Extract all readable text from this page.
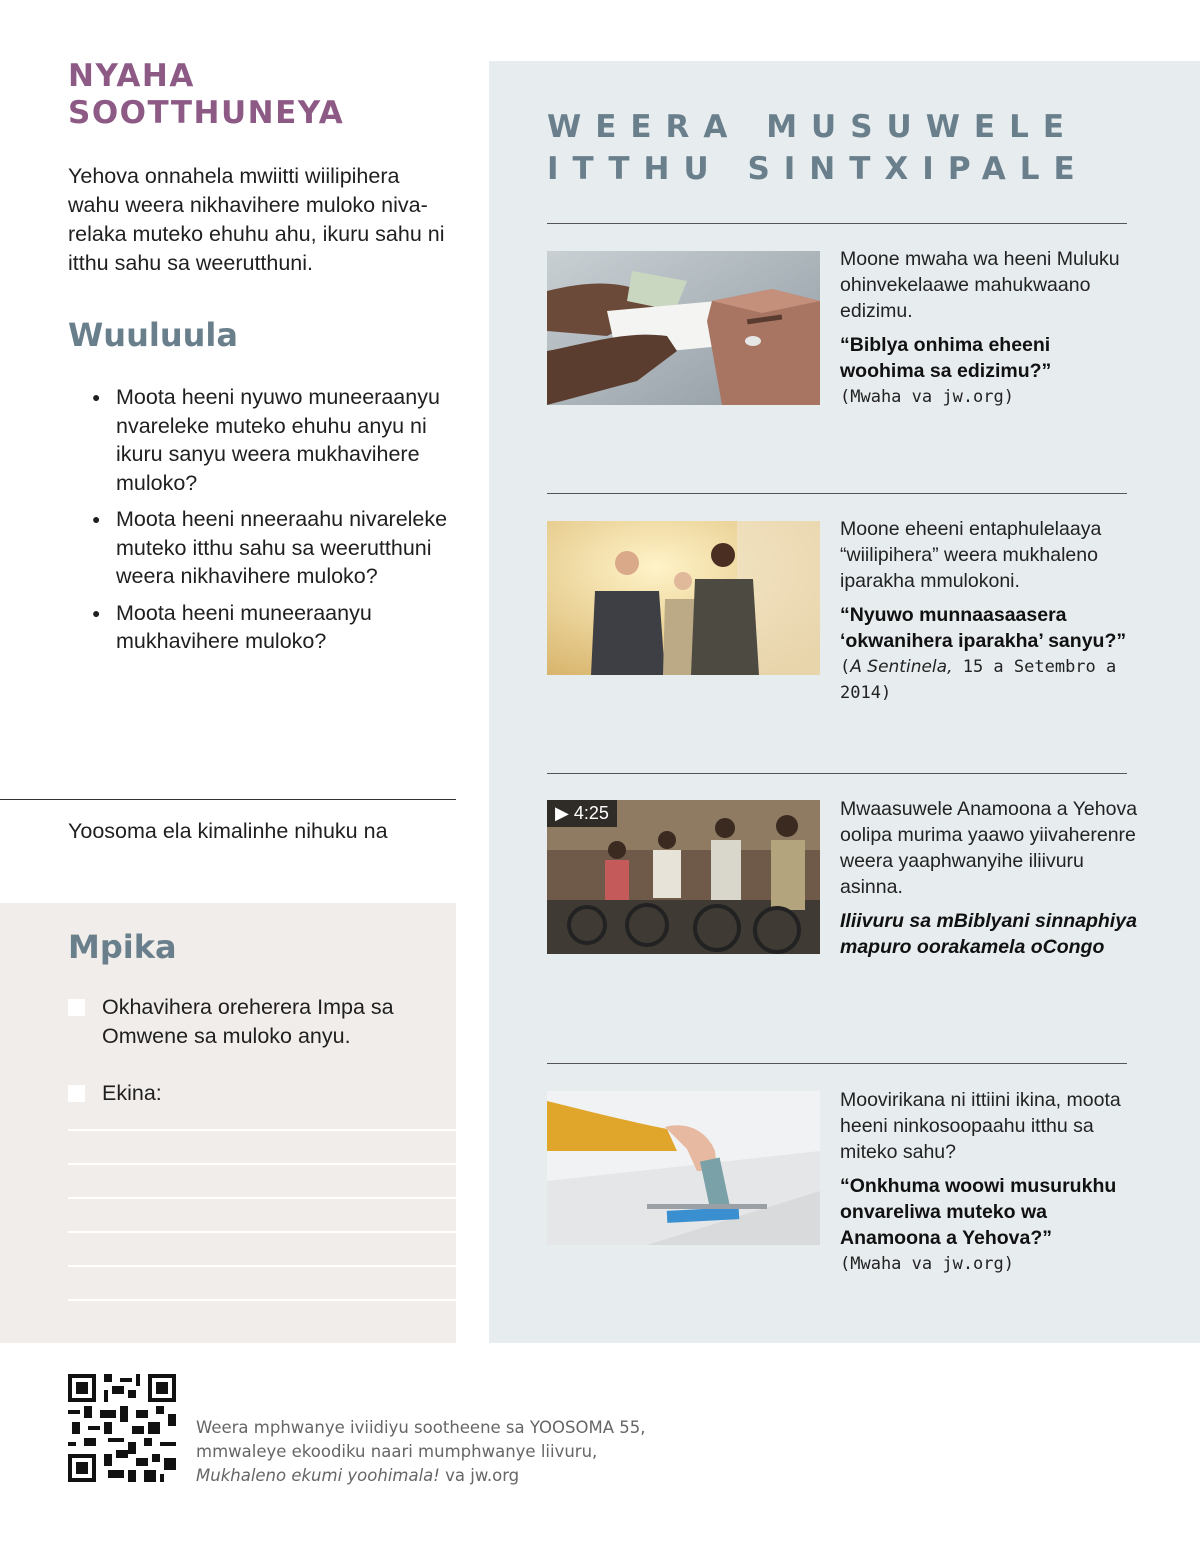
NYAHA
SOOTTHUNEYA

Yehova onnahela mwiitti wiilipihera wahu weera nikhavihere muloko nivarelaka muteko ehuhu ahu, ikuru sahu ni itthu sahu sa weerutthuni.

Wuuluula
● Moota heeni nyuwo muneeraanyu nvareleke muteko ehuhu anyu ni ikuru sanyu weera mukhavihere muloko?
● Moota heeni nneeraahu nivareleke muteko itthu sahu sa weerutthuni weera nikhavihere muloko?
● Moota heeni muneeraanyu mukhavihere muloko?

Yoosoma ela kimalinhe nihuku na

Mpika
Okhavihera oreherera Impa sa Omwene sa muloko anyu.
Ekina:
WEERA MUSUWELE
ITTHU SINTXIPALE

Moone mwaha wa heeni Muluku ohinvekelaawe mahukwaano edizimu.

“Biblya onhima eheeni woohima sa edizimu?”

(Mwaha va jw.org)

Moone eheeni entaphulelaaya “wiilipihera” weera mukhaleno iparakha mmulokoni.

“Nyuwo munnaasaasera ‘okwanihera iparakha’ sanyu?”

(A Sentinela, 15 a Setembro a 2014)

▶ 4:25	Mwaasuwele Anamoona a Yehova oolipa murima yaawo yiivaherenre weera yaaphwanyihe iliivuru asinna.

Iliivuru sa mBiblyani sinnaphiya mapuro oorakamela oCongo

Moovirikana ni ittiini ikina, moota heeni ninkosoopaahu itthu sa miteko sahu?

“Onkhuma woowi musurukhu onvareliwa muteko wa Anamoona a Yehova?”

(Mwaha va jw.org)

Weera mphwanye iviidiyu sootheene sa YOOSOMA 55,
mmwaleye ekoodiku naari mumphwanye liivuru,
Mukhaleno ekumi yoohimala! va jw.org
